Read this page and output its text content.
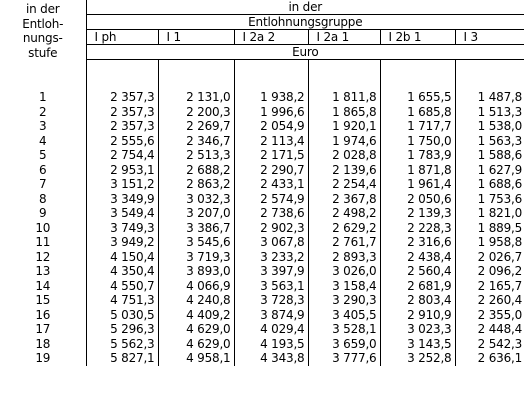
in der
Entloh-
nungs-
stufe	in der					
	Entlohnungsgruppe					
	I ph	I 1	I 2a 2	I 2a 1	I 2b 1	I 3
	Euro					

1	2 357,3	2 131,0	1 938,2	1 811,8	1 655,5	1 487,8
2	2 357,3	2 200,3	1 996,6	1 865,8	1 685,8	1 513,3
3	2 357,3	2 269,7	2 054,9	1 920,1	1 717,7	1 538,0
4	2 555,6	2 346,7	2 113,4	1 974,6	1 750,0	1 563,3
5	2 754,4	2 513,3	2 171,5	2 028,8	1 783,9	1 588,6
6	2 953,1	2 688,2	2 290,7	2 139,6	1 871,8	1 627,9
7	3 151,2	2 863,2	2 433,1	2 254,4	1 961,4	1 688,6
8	3 349,9	3 032,3	2 574,9	2 367,8	2 050,6	1 753,6
9	3 549,4	3 207,0	2 738,6	2 498,2	2 139,3	1 821,0
10	3 749,3	3 386,7	2 902,3	2 629,2	2 228,3	1 889,5
11	3 949,2	3 545,6	3 067,8	2 761,7	2 316,6	1 958,8
12	4 150,4	3 719,3	3 233,2	2 893,3	2 438,4	2 026,7
13	4 350,4	3 893,0	3 397,9	3 026,0	2 560,4	2 096,2
14	4 550,7	4 066,9	3 563,1	3 158,4	2 681,9	2 165,7
15	4 751,3	4 240,8	3 728,3	3 290,3	2 803,4	2 260,4
16	5 030,5	4 409,2	3 874,9	3 405,5	2 910,9	2 355,0
17	5 296,3	4 629,0	4 029,4	3 528,1	3 023,3	2 448,4
18	5 562,3	4 629,0	4 193,5	3 659,0	3 143,5	2 542,3
19	5 827,1	4 958,1	4 343,8	3 777,6	3 252,8	2 636,1
